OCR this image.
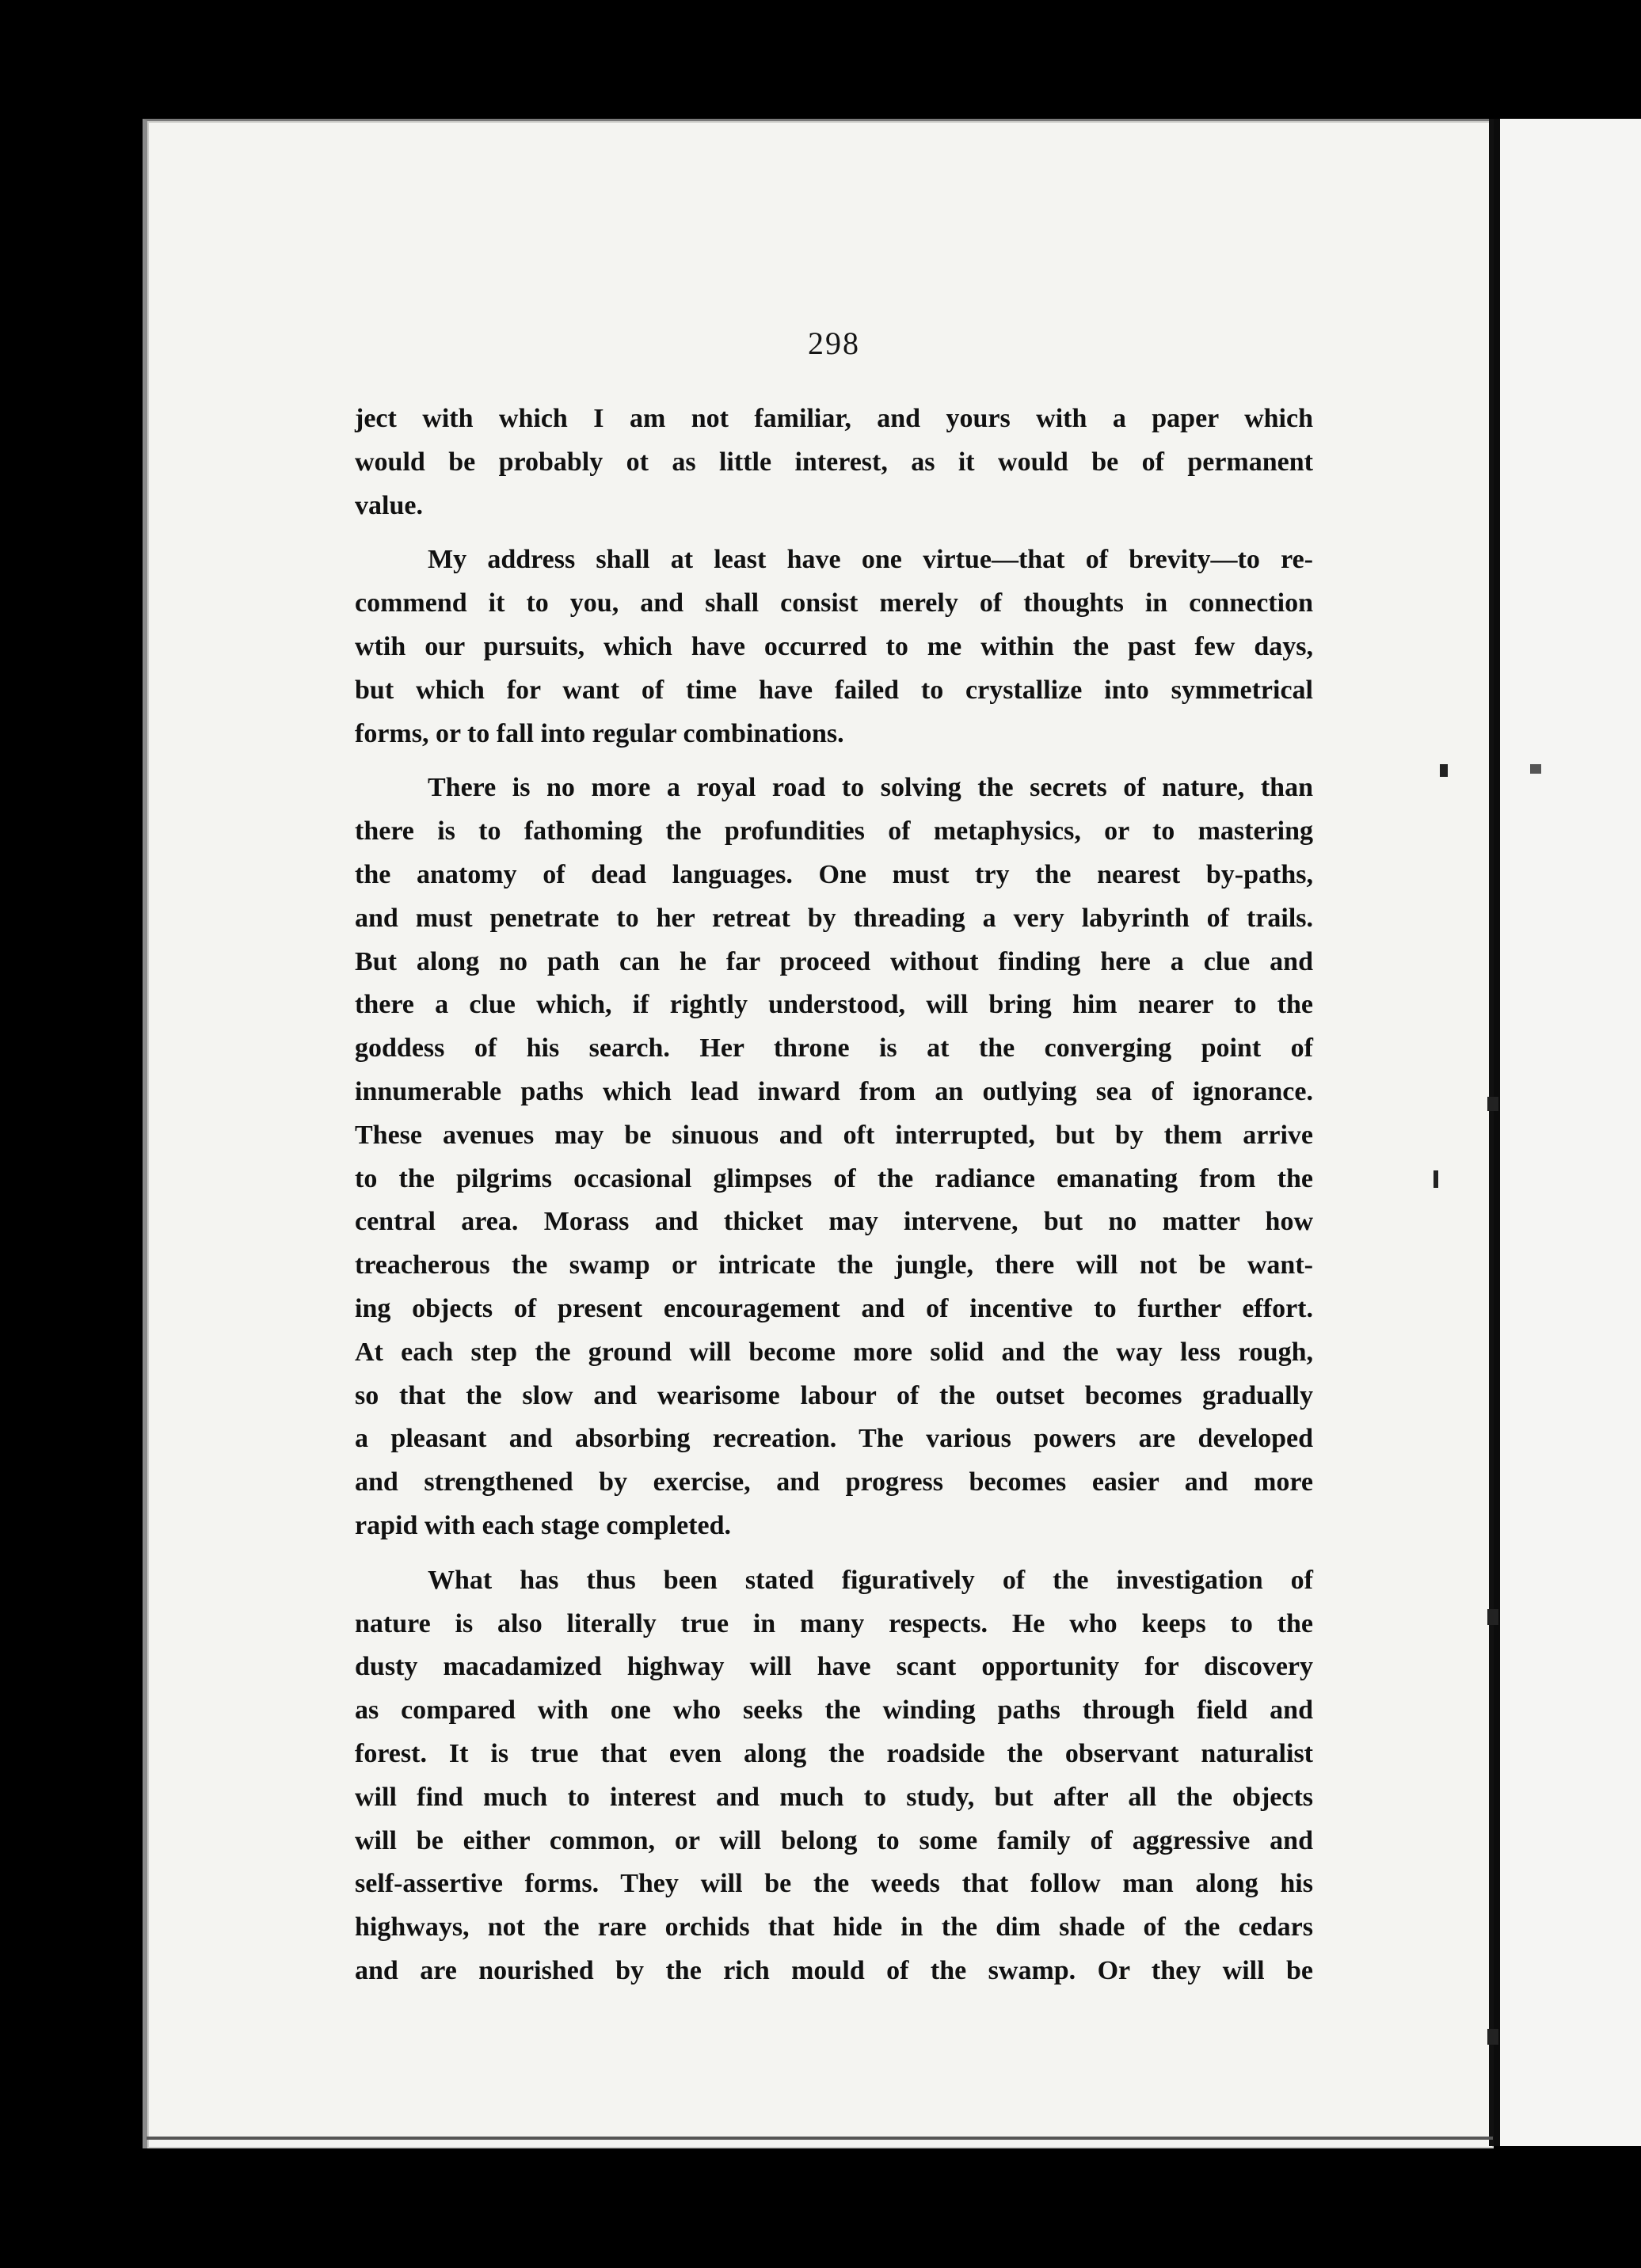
298
ject with which I am not familiar, and yours with a paper which
would be probably ot as little interest, as it would be of permanent
value.
My address shall at least have one virtue—that of brevity—to re-
commend it to you, and shall consist merely of thoughts in connection
wtih our pursuits, which have occurred to me within the past few days,
but which for want of time have failed to crystallize into symmetrical
forms, or to fall into regular combinations.
There is no more a royal road to solving the secrets of nature, than
there is to fathoming the profundities of metaphysics, or to mastering
the anatomy of dead languages. One must try the nearest by-paths,
and must penetrate to her retreat by threading a very labyrinth of trails.
But along no path can he far proceed without finding here a clue and
there a clue which, if rightly understood, will bring him nearer to the
goddess of his search. Her throne is at the converging point of
innumerable paths which lead inward from an outlying sea of ignorance.
These avenues may be sinuous and oft interrupted, but by them arrive
to the pilgrims occasional glimpses of the radiance emanating from the
central area. Morass and thicket may intervene, but no matter how
treacherous the swamp or intricate the jungle, there will not be want-
ing objects of present encouragement and of incentive to further effort.
At each step the ground will become more solid and the way less rough,
so that the slow and wearisome labour of the outset becomes gradually
a pleasant and absorbing recreation. The various powers are developed
and strengthened by exercise, and progress becomes easier and more
rapid with each stage completed.
What has thus been stated figuratively of the investigation of
nature is also literally true in many respects. He who keeps to the
dusty macadamized highway will have scant opportunity for discovery
as compared with one who seeks the winding paths through field and
forest. It is true that even along the roadside the observant naturalist
will find much to interest and much to study, but after all the objects
will be either common, or will belong to some family of aggressive and
self-assertive forms. They will be the weeds that follow man along his
highways, not the rare orchids that hide in the dim shade of the cedars
and are nourished by the rich mould of the swamp. Or they will be
